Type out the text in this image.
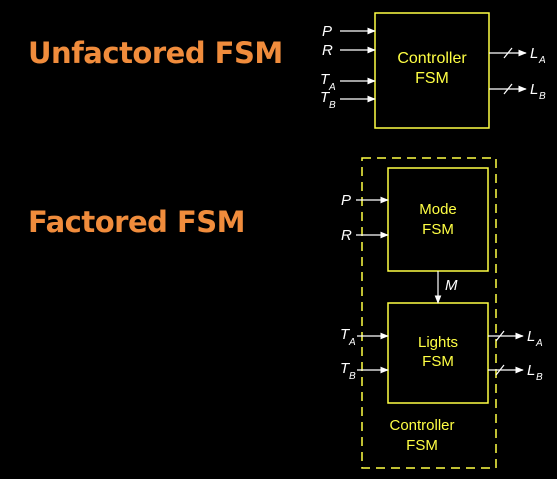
Unfactored FSM
Factored FSM
Controller
FSM
P
R
T A
T B
L A
L B
Mode
FSM
Lights
FSM
Controller
FSM
M
P
R
T A
T B
L A
L B
